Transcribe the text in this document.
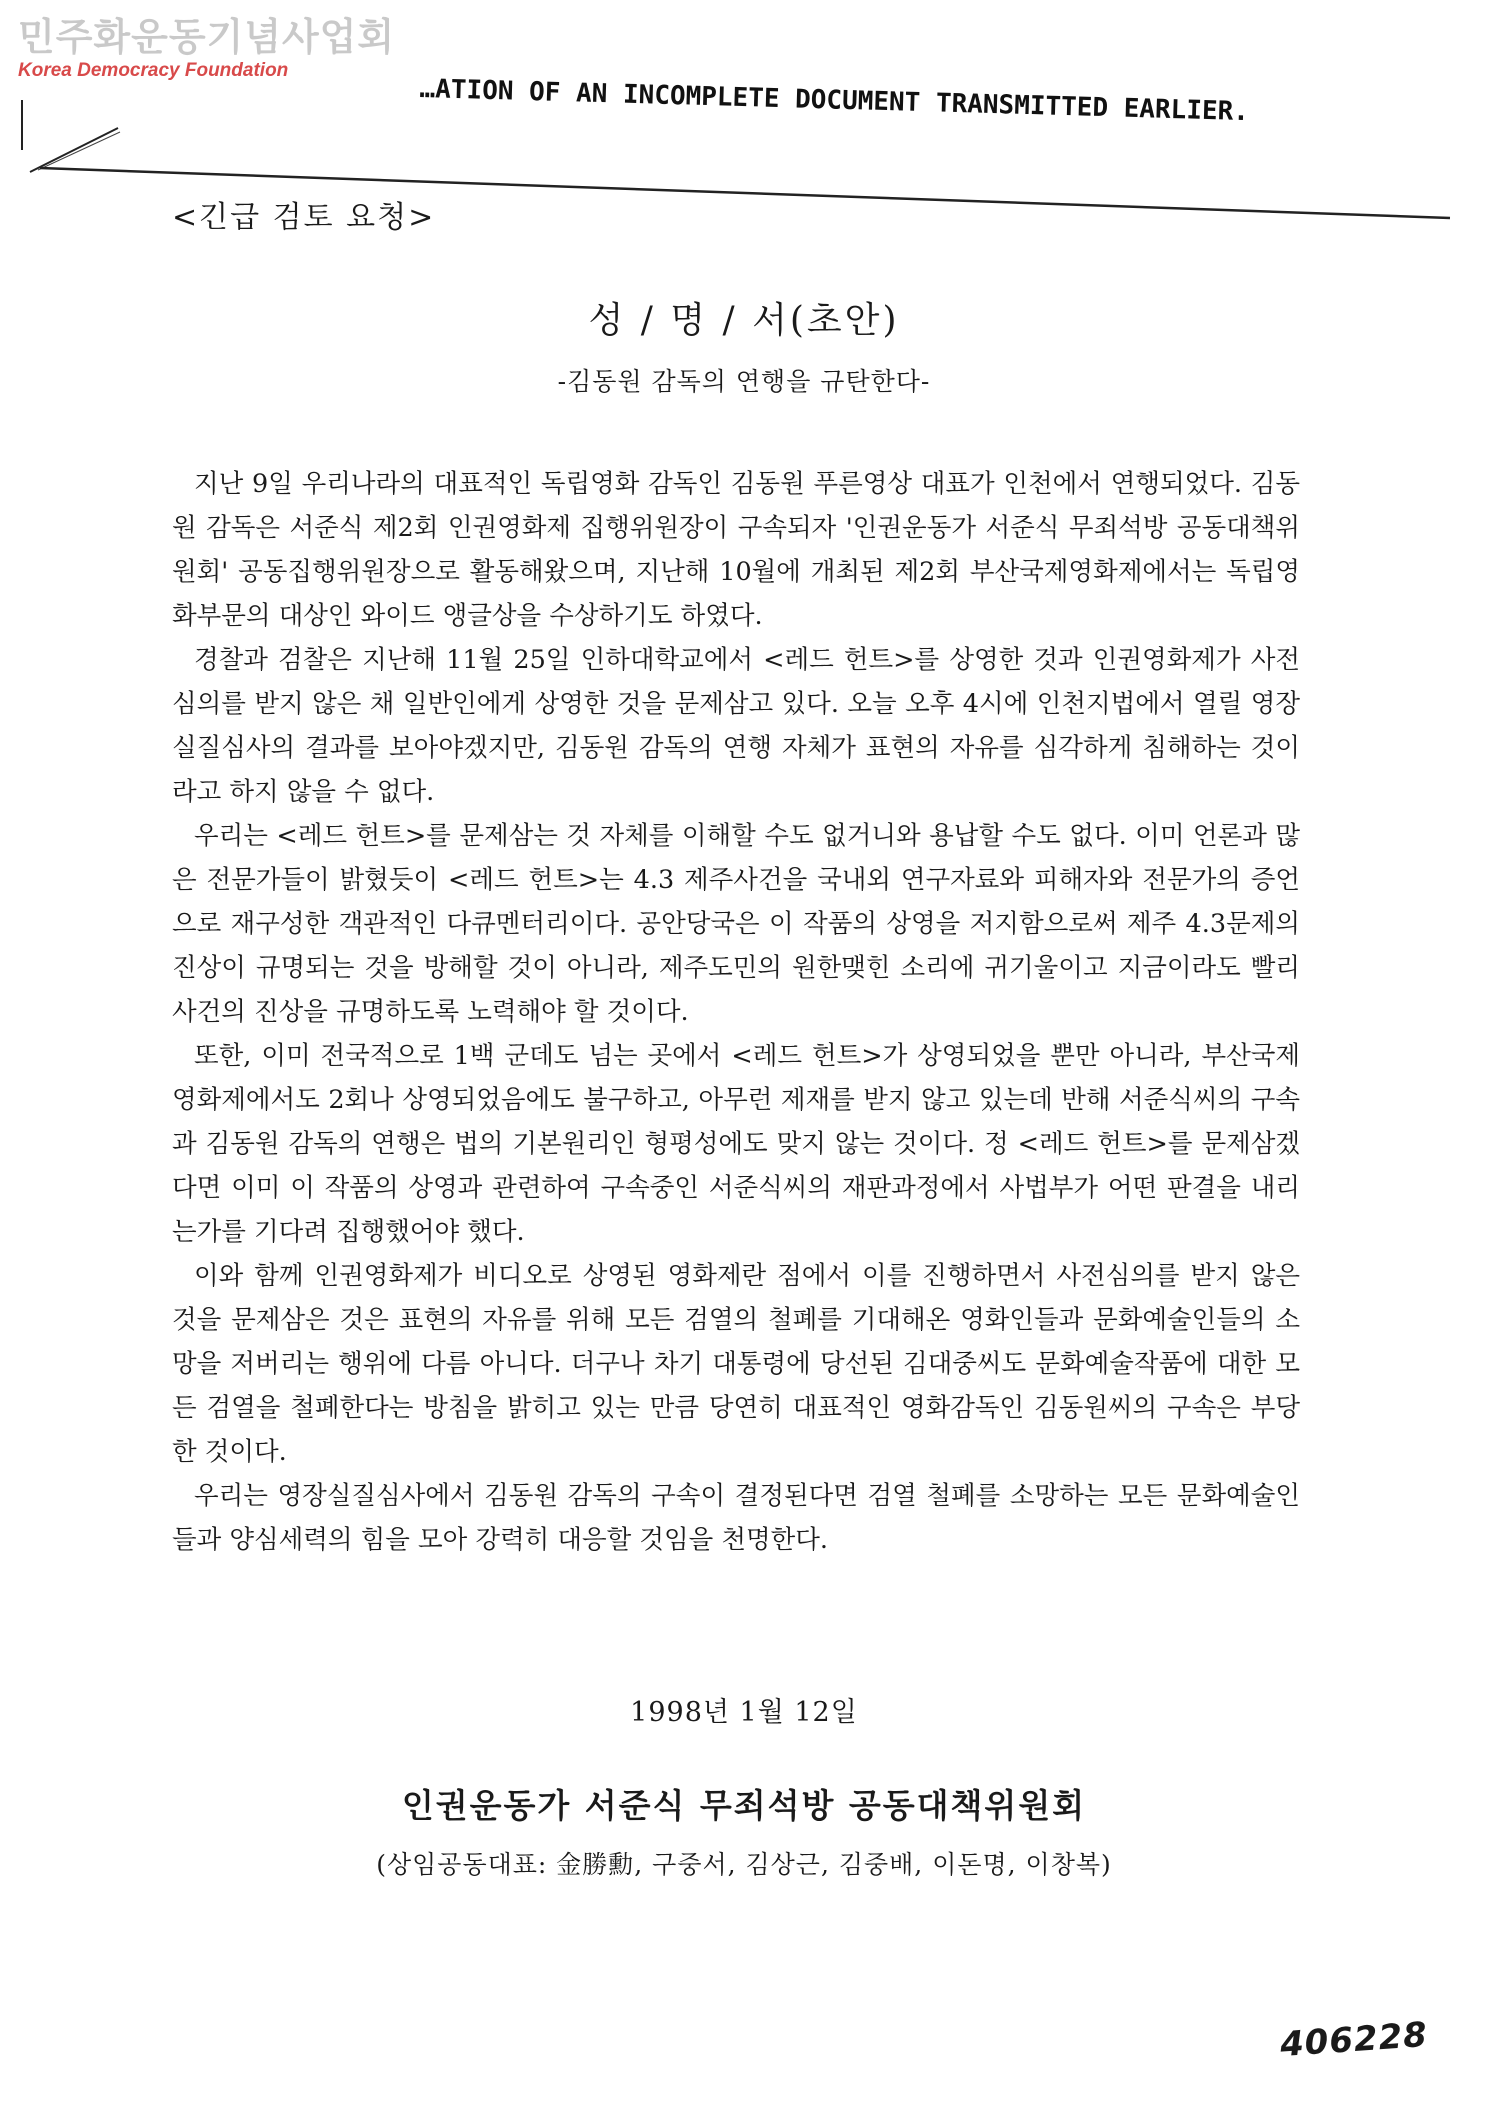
민주화운동기념사업회
Korea Democracy Foundation
…ATION OF AN INCOMPLETE DOCUMENT TRANSMITTED EARLIER.
<긴급 검토 요청>
성 / 명 / 서(초안)
-김동원 감독의 연행을 규탄한다-

지난 9일 우리나라의 대표적인 독립영화 감독인 김동원 푸른영상 대표가 인천에서 연행되었다. 김동원 감독은 서준식 제2회 인권영화제 집행위원장이 구속되자 '인권운동가 서준식 무죄석방 공동대책위원회' 공동집행위원장으로 활동해왔으며, 지난해 10월에 개최된 제2회 부산국제영화제에서는 독립영화부문의 대상인 와이드 앵글상을 수상하기도 하였다.

경찰과 검찰은 지난해 11월 25일 인하대학교에서 <레드 헌트>를 상영한 것과 인권영화제가 사전심의를 받지 않은 채 일반인에게 상영한 것을 문제삼고 있다. 오늘 오후 4시에 인천지법에서 열릴 영장실질심사의 결과를 보아야겠지만, 김동원 감독의 연행 자체가 표현의 자유를 심각하게 침해하는 것이라고 하지 않을 수 없다.

우리는 <레드 헌트>를 문제삼는 것 자체를 이해할 수도 없거니와 용납할 수도 없다. 이미 언론과 많은 전문가들이 밝혔듯이 <레드 헌트>는 4.3 제주사건을 국내외 연구자료와 피해자와 전문가의 증언으로 재구성한 객관적인 다큐멘터리이다. 공안당국은 이 작품의 상영을 저지함으로써 제주 4.3문제의 진상이 규명되는 것을 방해할 것이 아니라, 제주도민의 원한맺힌 소리에 귀기울이고 지금이라도 빨리 사건의 진상을 규명하도록 노력해야 할 것이다.

또한, 이미 전국적으로 1백 군데도 넘는 곳에서 <레드 헌트>가 상영되었을 뿐만 아니라, 부산국제영화제에서도 2회나 상영되었음에도 불구하고, 아무런 제재를 받지 않고 있는데 반해 서준식씨의 구속과 김동원 감독의 연행은 법의 기본원리인 형평성에도 맞지 않는 것이다. 정 <레드 헌트>를 문제삼겠다면 이미 이 작품의 상영과 관련하여 구속중인 서준식씨의 재판과정에서 사법부가 어떤 판결을 내리는가를 기다려 집행했어야 했다.

이와 함께 인권영화제가 비디오로 상영된 영화제란 점에서 이를 진행하면서 사전심의를 받지 않은 것을 문제삼은 것은 표현의 자유를 위해 모든 검열의 철폐를 기대해온 영화인들과 문화예술인들의 소망을 저버리는 행위에 다름 아니다. 더구나 차기 대통령에 당선된 김대중씨도 문화예술작품에 대한 모든 검열을 철폐한다는 방침을 밝히고 있는 만큼 당연히 대표적인 영화감독인 김동원씨의 구속은 부당한 것이다.

우리는 영장실질심사에서 김동원 감독의 구속이 결정된다면 검열 철폐를 소망하는 모든 문화예술인들과 양심세력의 힘을 모아 강력히 대응할 것임을 천명한다.

1998년 1월 12일
인권운동가 서준식 무죄석방 공동대책위원회
(상임공동대표: 金勝勳, 구중서, 김상근, 김중배, 이돈명, 이창복)
406228
